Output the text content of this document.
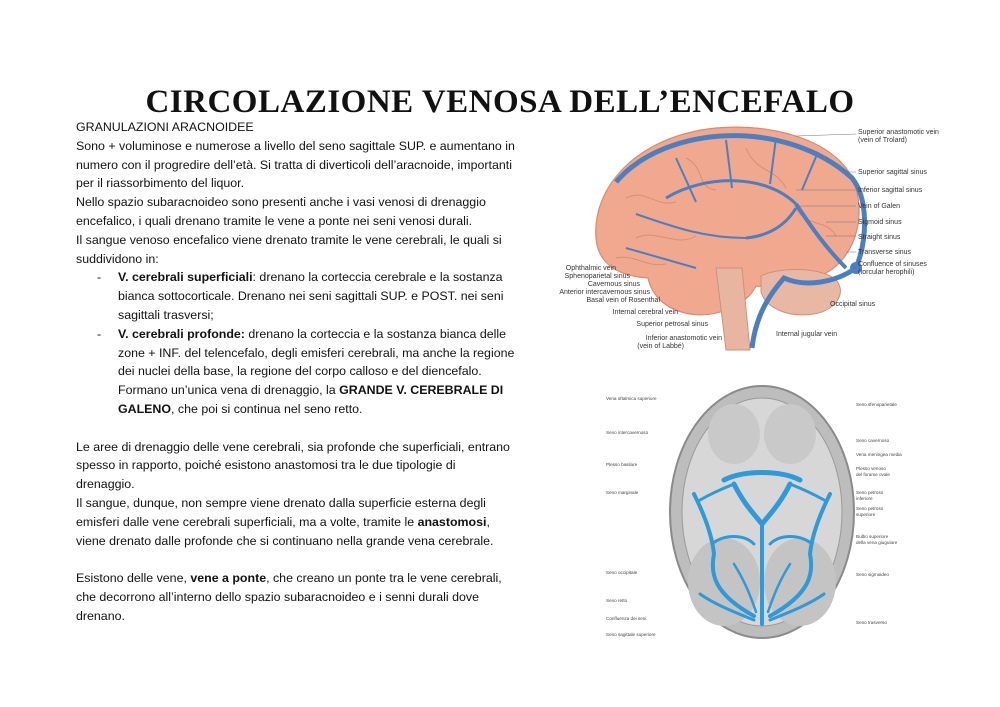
CIRCOLAZIONE VENOSA DELL’ENCEFALO

GRANULAZIONI ARACNOIDEE

Sono + voluminose e numerose a livello del seno sagittale SUP. e aumentano in numero con il progredire dell’età. Si tratta di diverticoli dell’aracnoide, importanti per il riassorbimento del liquor.

Nello spazio subaracnoideo sono presenti anche i vasi venosi di drenaggio encefalico, i quali drenano tramite le vene a ponte nei seni venosi durali.

Il sangue venoso encefalico viene drenato tramite le vene cerebrali, le quali si suddividono in:

- V. cerebrali superficiali: drenano la corteccia cerebrale e la sostanza bianca sottocorticale. Drenano nei seni sagittali SUP. e POST. nei seni sagittali trasversi;
- V. cerebrali profonde: drenano la corteccia e la sostanza bianca delle zone + INF. del telencefalo, degli emisferi cerebrali, ma anche la regione dei nuclei della base, la regione del corpo calloso e del diencefalo. Formano un’unica vena di drenaggio, la GRANDE V. CEREBRALE DI GALENO, che poi si continua nel seno retto.

Le aree di drenaggio delle vene cerebrali, sia profonde che superficiali, entrano spesso in rapporto, poiché esistono anastomosi tra le due tipologie di drenaggio.

Il sangue, dunque, non sempre viene drenato dalla superficie esterna degli emisferi dalle vene cerebrali superficiali, ma a volte, tramite le anastomosi, viene drenato dalle profonde che si continuano nella grande vena cerebrale.

Esistono delle vene, vene a ponte, che creano un ponte tra le vene cerebrali, che decorrono all’interno dello spazio subaracnoideo e i senni durali dove drenano.

Superior anastomotic vein
(vein of Trolard)
Superior sagittal sinus
Inferior sagittal sinus
Vein of Galen
Sigmoid sinus
Straight sinus
Transverse sinus
Confluence of sinuses
(torcular herophili)
Occipital sinus
Internal jugular vein
Ophthalmic vein
Sphenoparietal sinus
Cavernous sinus
Anterior intercavernous sinus
Basal vein of Rosenthal
Internal cerebral vein
Superior petrosal sinus
Inferior anastomotic vein
(vein of Labbé)
Vena oftalmica superiore
Seno intercavernoso
Plesso basilare
Seno marginale
Seno occipitale
Seno retto
Confluenza dei seni
Seno sagittale superiore
Seno sfenoparietale
Seno cavernoso
Vena meningea media
Plesso venoso
del forame ovale
Seno petroso
inferiore
Seno petroso
superiore
Bulbo superiore
della vena giugulare
Seno sigmoideo
Seno trasverso
